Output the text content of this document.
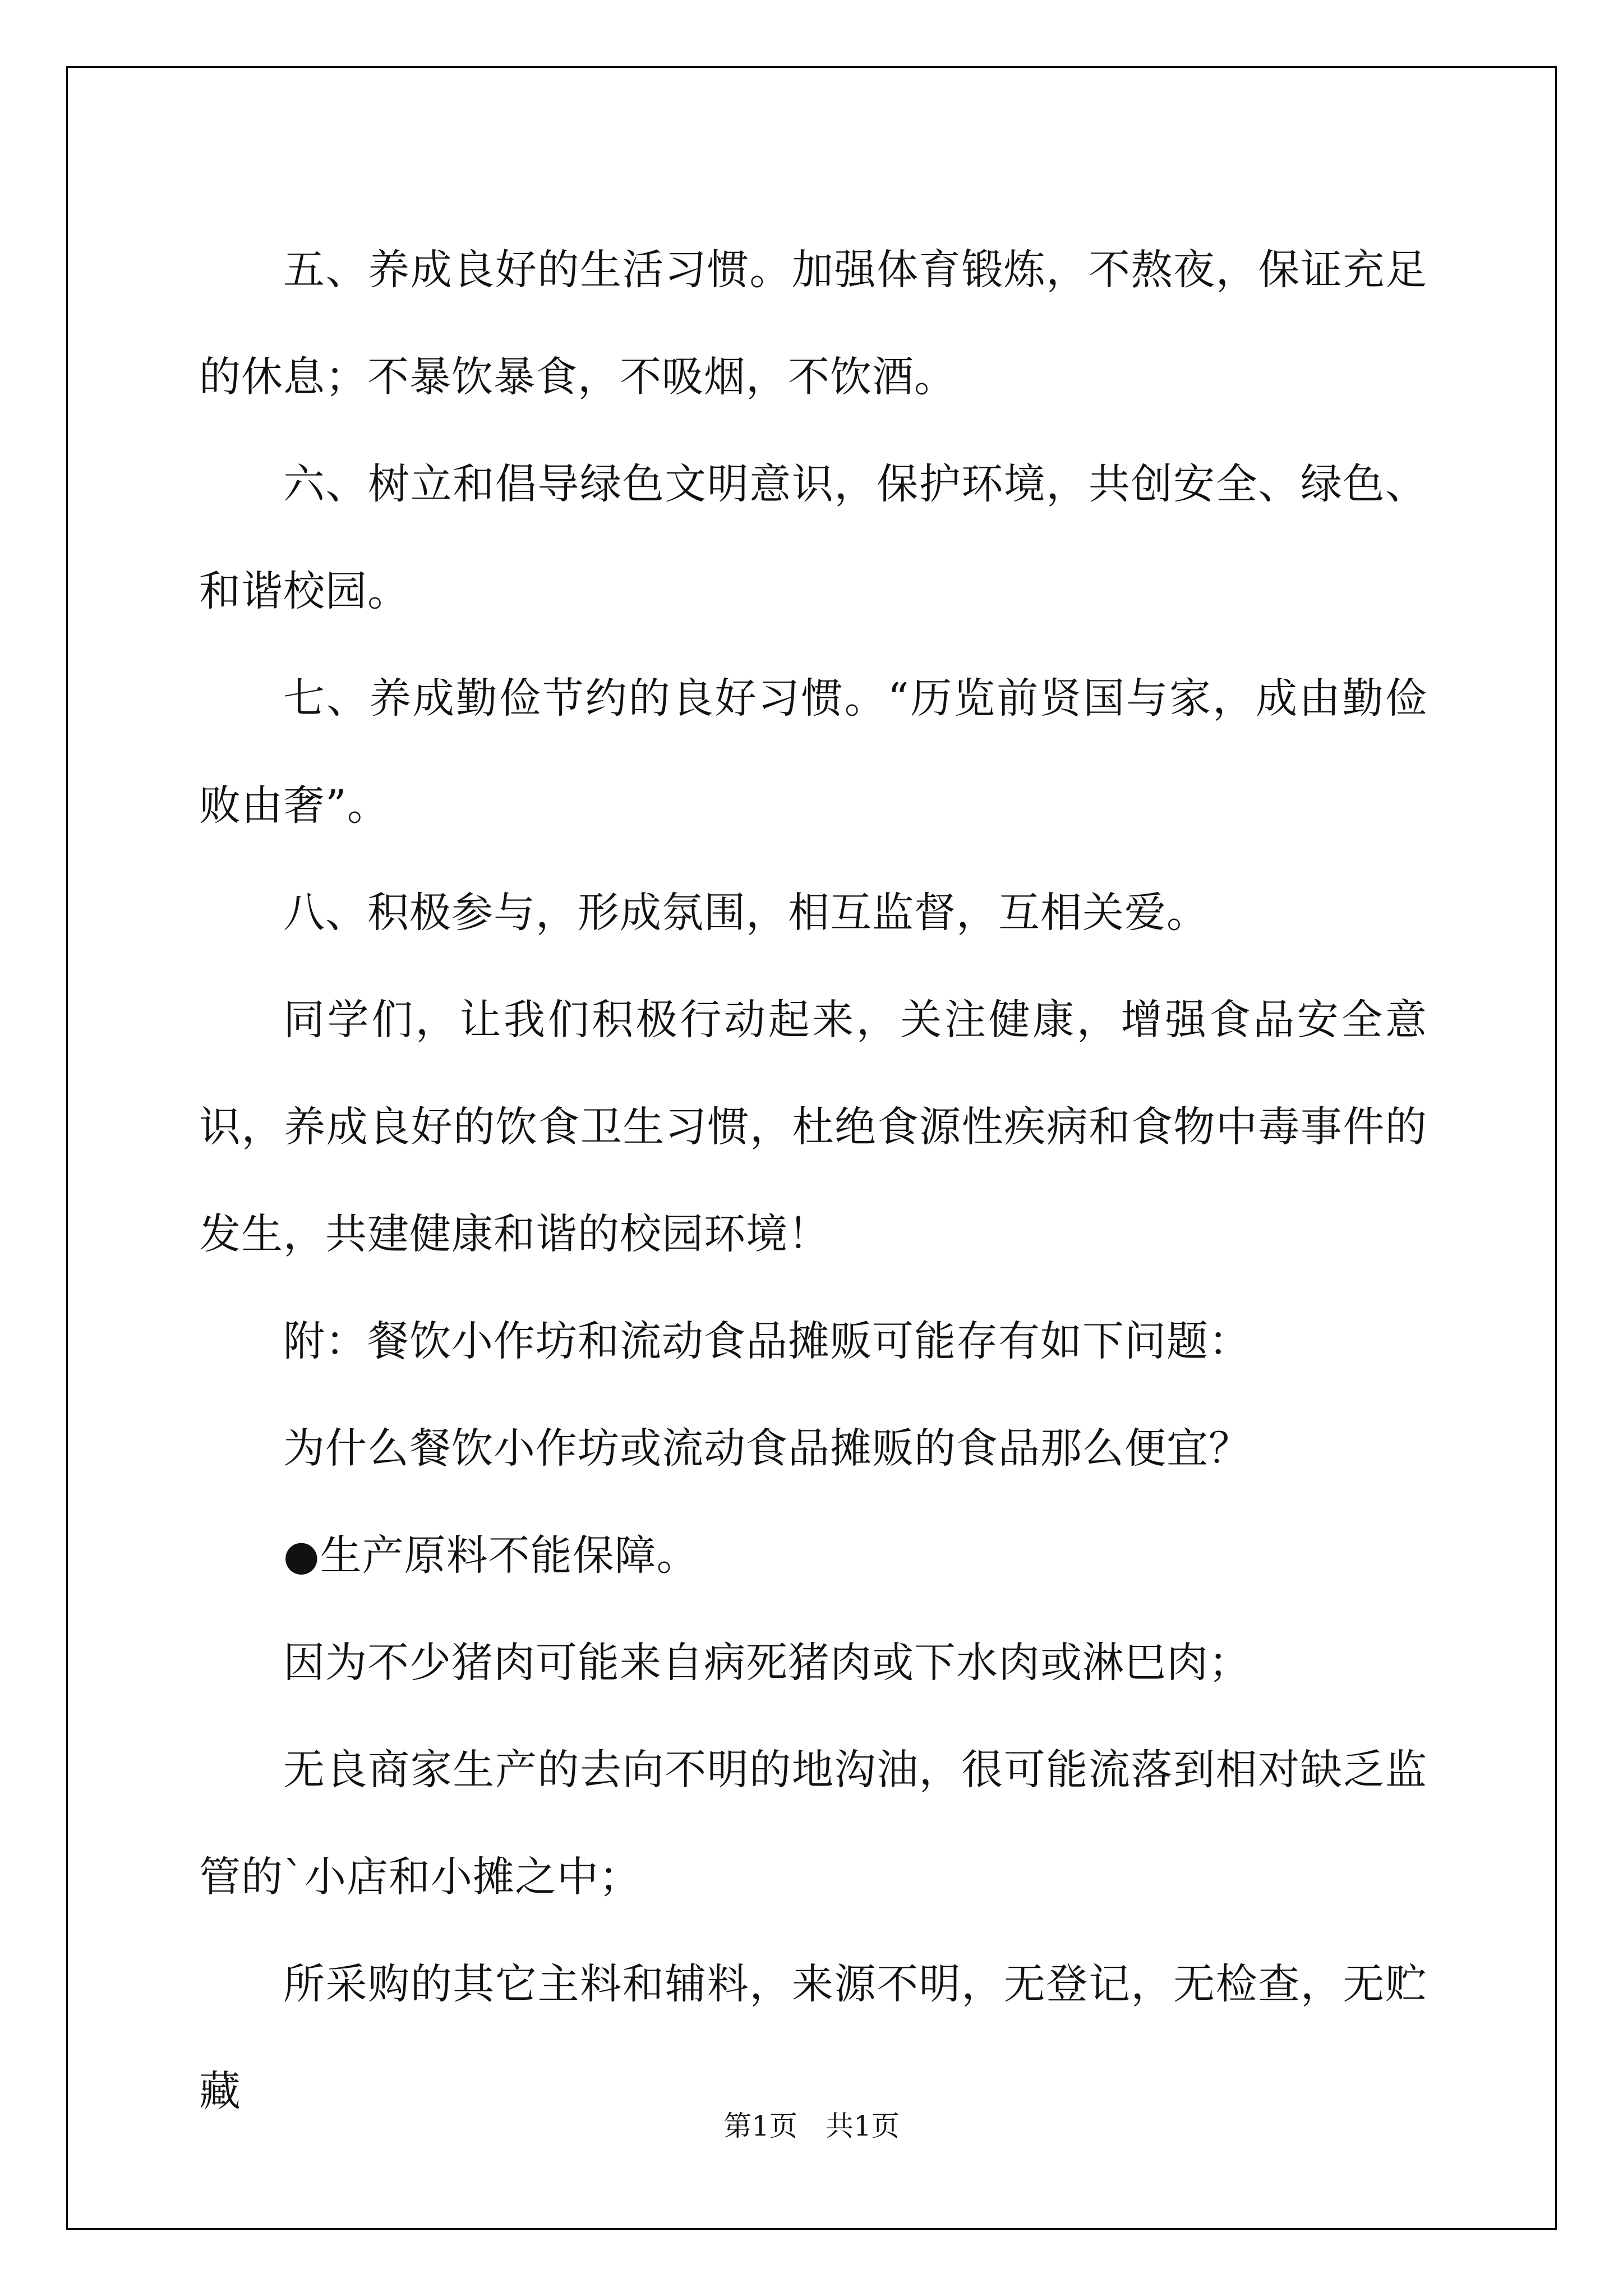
五、养成良好的生活习惯。加强体育锻炼，不熬夜，保证充足的休息；不暴饮暴食，不吸烟，不饮酒。

六、树立和倡导绿色文明意识，保护环境，共创安全、绿色、和谐校园。

七、养成勤俭节约的良好习惯。“历览前贤国与家，成由勤俭败由奢”。

八、积极参与，形成氛围，相互监督，互相关爱。

同学们，让我们积极行动起来，关注健康，增强食品安全意识，养成良好的饮食卫生习惯，杜绝食源性疾病和食物中毒事件的发生，共建健康和谐的校园环境！

附：餐饮小作坊和流动食品摊贩可能存有如下问题：

为什么餐饮小作坊或流动食品摊贩的食品那么便宜？

●生产原料不能保障。

因为不少猪肉可能来自病死猪肉或下水肉或淋巴肉；

无良商家生产的去向不明的地沟油，很可能流落到相对缺乏监管的`小店和小摊之中；

所采购的其它主料和辅料，来源不明，无登记，无检查，无贮藏

第1页 共1页
